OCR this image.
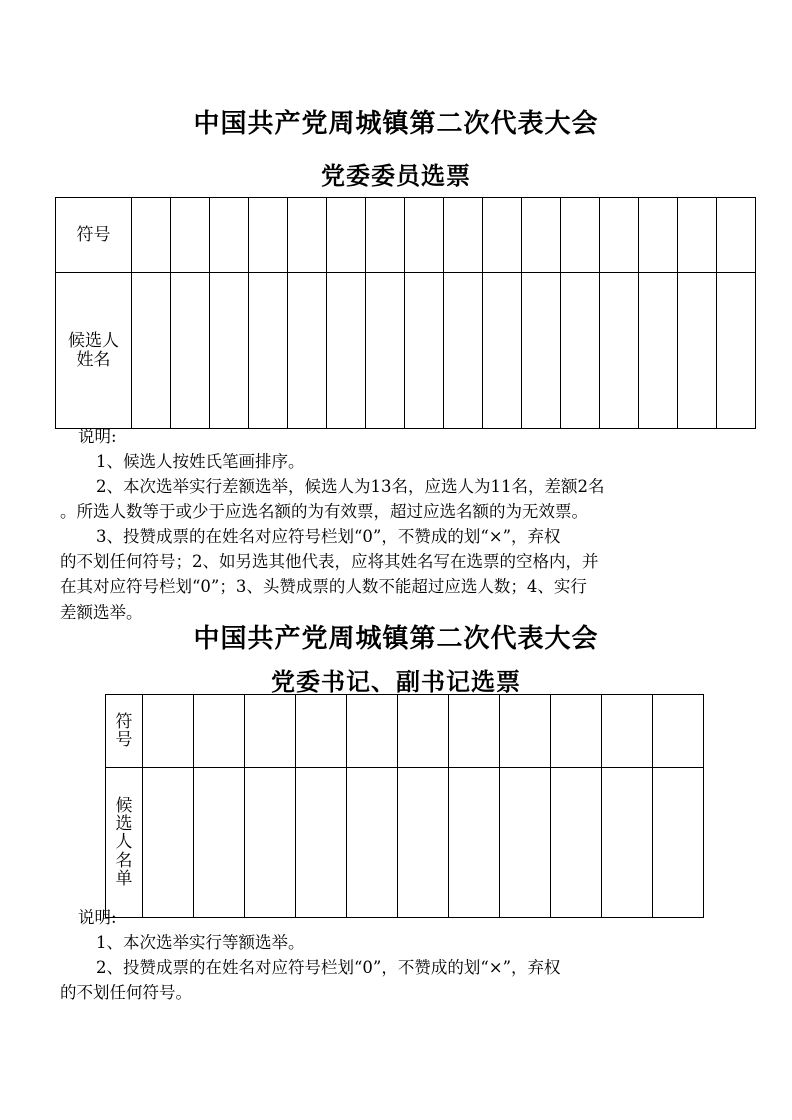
中国共产党周城镇第二次代表大会
党委委员选票
符号																

候选人姓名																

说明:

1、候选人按姓氏笔画排序。

2、本次选举实行差额选举，候选人为13名，应选人为11名，差额2名

。所选人数等于或少于应选名额的为有效票，超过应选名额的为无效票。

3、投赞成票的在姓名对应符号栏划“0”，不赞成的划“×”，弃权

的不划任何符号；2、如另选其他代表，应将其姓名写在选票的空格内，并

在其对应符号栏划“0”；3、头赞成票的人数不能超过应选人数；4、实行

差额选举。

中国共产党周城镇第二次代表大会
党委书记、副书记选票
符号											

候选人名单											

说明:

1、本次选举实行等额选举。

2、投赞成票的在姓名对应符号栏划“0”，不赞成的划“×”，弃权

的不划任何符号。
